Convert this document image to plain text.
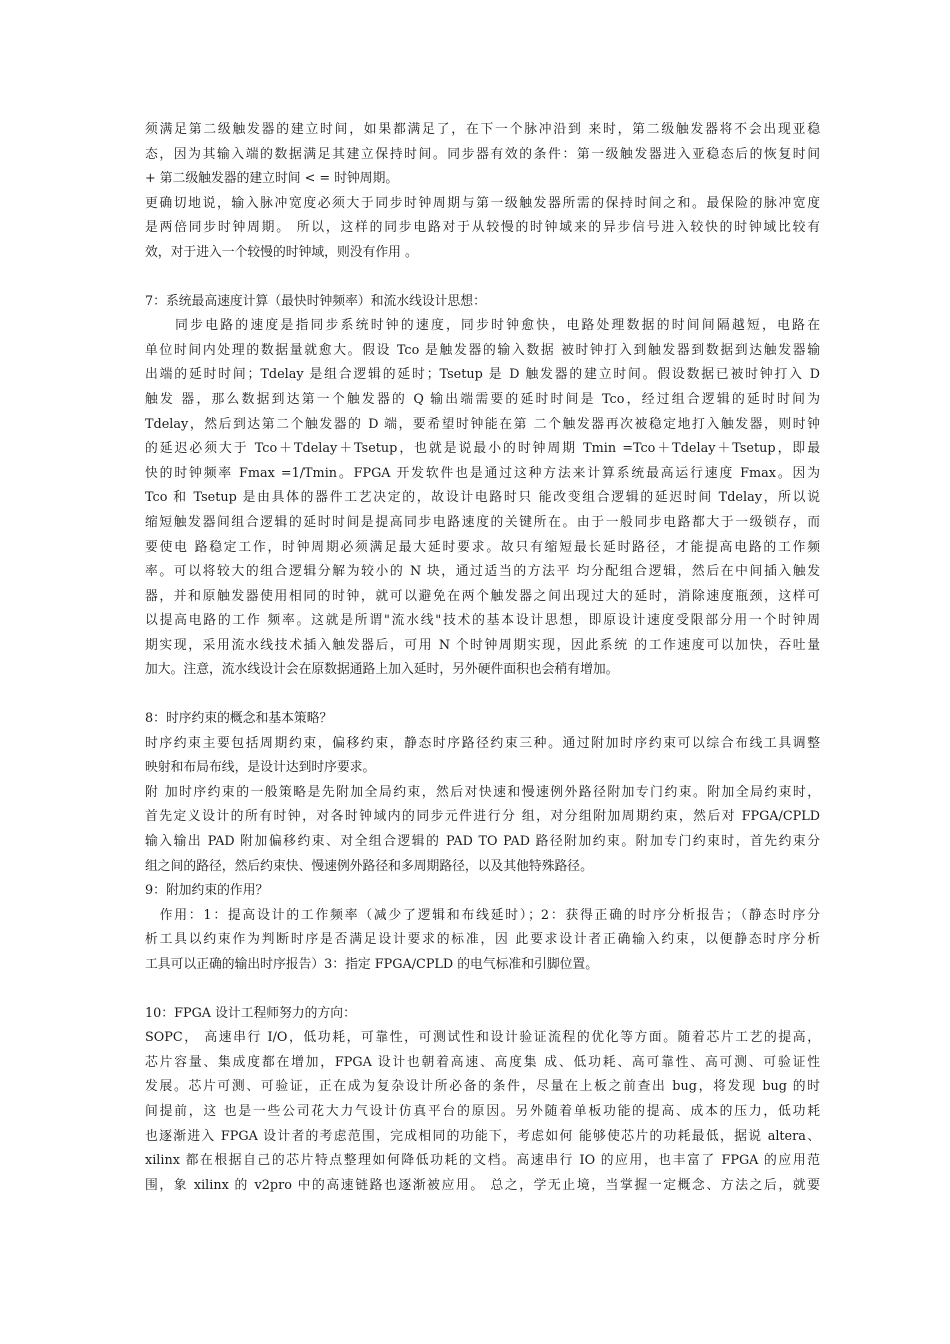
须满足第二级触发器的建立时间，如果都满足了，在下一个脉冲沿到 来时，第二级触发器将不会出现亚稳
态，因为其输入端的数据满足其建立保持时间。同步器有效的条件：第一级触发器进入亚稳态后的恢复时间
+ 第二级触发器的建立时间 < = 时钟周期。

更确切地说，输入脉冲宽度必须大于同步时钟周期与第一级触发器所需的保持时间之和。最保险的脉冲宽度
是两倍同步时钟周期。 所以，这样的同步电路对于从较慢的时钟域来的异步信号进入较快的时钟域比较有
效，对于进入一个较慢的时钟域，则没有作用 。

7：系统最高速度计算（最快时钟频率）和流水线设计思想：

　　同步电路的速度是指同步系统时钟的速度，同步时钟愈快，电路处理数据的时间间隔越短，电路在
单位时间内处理的数据量就愈大。假设 Tco 是触发器的输入数据 被时钟打入到触发器到数据到达触发器输
出端的延时时间；Tdelay 是组合逻辑的延时；Tsetup 是 D 触发器的建立时间。假设数据已被时钟打入 D
触发 器，那么数据到达第一个触发器的 Q 输出端需要的延时时间是 Tco，经过组合逻辑的延时时间为
Tdelay，然后到达第二个触发器的 D 端，要希望时钟能在第 二个触发器再次被稳定地打入触发器，则时钟
的延迟必须大于 Tco＋Tdelay＋Tsetup，也就是说最小的时钟周期 Tmin =Tco＋Tdelay＋Tsetup，即最
快的时钟频率 Fmax =1/Tmin。FPGA 开发软件也是通过这种方法来计算系统最高运行速度 Fmax。因为
Tco 和 Tsetup 是由具体的器件工艺决定的，故设计电路时只 能改变组合逻辑的延迟时间 Tdelay，所以说
缩短触发器间组合逻辑的延时时间是提高同步电路速度的关键所在。由于一般同步电路都大于一级锁存，而
要使电 路稳定工作，时钟周期必须满足最大延时要求。故只有缩短最长延时路径，才能提高电路的工作频
率。可以将较大的组合逻辑分解为较小的 N 块，通过适当的方法平 均分配组合逻辑，然后在中间插入触发
器，并和原触发器使用相同的时钟，就可以避免在两个触发器之间出现过大的延时，消除速度瓶颈，这样可
以提高电路的工作 频率。这就是所谓"流水线"技术的基本设计思想，即原设计速度受限部分用一个时钟周
期实现，采用流水线技术插入触发器后，可用 N 个时钟周期实现，因此系统 的工作速度可以加快，吞吐量
加大。注意，流水线设计会在原数据通路上加入延时，另外硬件面积也会稍有增加。

8：时序约束的概念和基本策略？

时序约束主要包括周期约束，偏移约束，静态时序路径约束三种。通过附加时序约束可以综合布线工具调整
映射和布局布线，是设计达到时序要求。

附 加时序约束的一般策略是先附加全局约束，然后对快速和慢速例外路径附加专门约束。附加全局约束时，
首先定义设计的所有时钟，对各时钟域内的同步元件进行分 组，对分组附加周期约束，然后对 FPGA/CPLD
输入输出 PAD 附加偏移约束、对全组合逻辑的 PAD TO PAD 路径附加约束。附加专门约束时，首先约束分
组之间的路径，然后约束快、慢速例外路径和多周期路径，以及其他特殊路径。

9：附加约束的作用？

　作用：1：提高设计的工作频率（减少了逻辑和布线延时）；2：获得正确的时序分析报告；（静态时序分
析工具以约束作为判断时序是否满足设计要求的标准，因 此要求设计者正确输入约束，以便静态时序分析
工具可以正确的输出时序报告）3：指定 FPGA/CPLD 的电气标准和引脚位置。

10：FPGA 设计工程师努力的方向：

SOPC， 高速串行 I/O，低功耗，可靠性，可测试性和设计验证流程的优化等方面。随着芯片工艺的提高，
芯片容量、集成度都在增加，FPGA 设计也朝着高速、高度集 成、低功耗、高可靠性、高可测、可验证性
发展。芯片可测、可验证，正在成为复杂设计所必备的条件，尽量在上板之前查出 bug，将发现 bug 的时
间提前，这 也是一些公司花大力气设计仿真平台的原因。另外随着单板功能的提高、成本的压力，低功耗
也逐渐进入 FPGA 设计者的考虑范围，完成相同的功能下，考虑如何 能够使芯片的功耗最低，据说 altera、
xilinx 都在根据自己的芯片特点整理如何降低功耗的文档。高速串行 IO 的应用，也丰富了 FPGA 的应用范
围，象 xilinx 的 v2pro 中的高速链路也逐渐被应用。 总之，学无止境，当掌握一定概念、方法之后，就要
